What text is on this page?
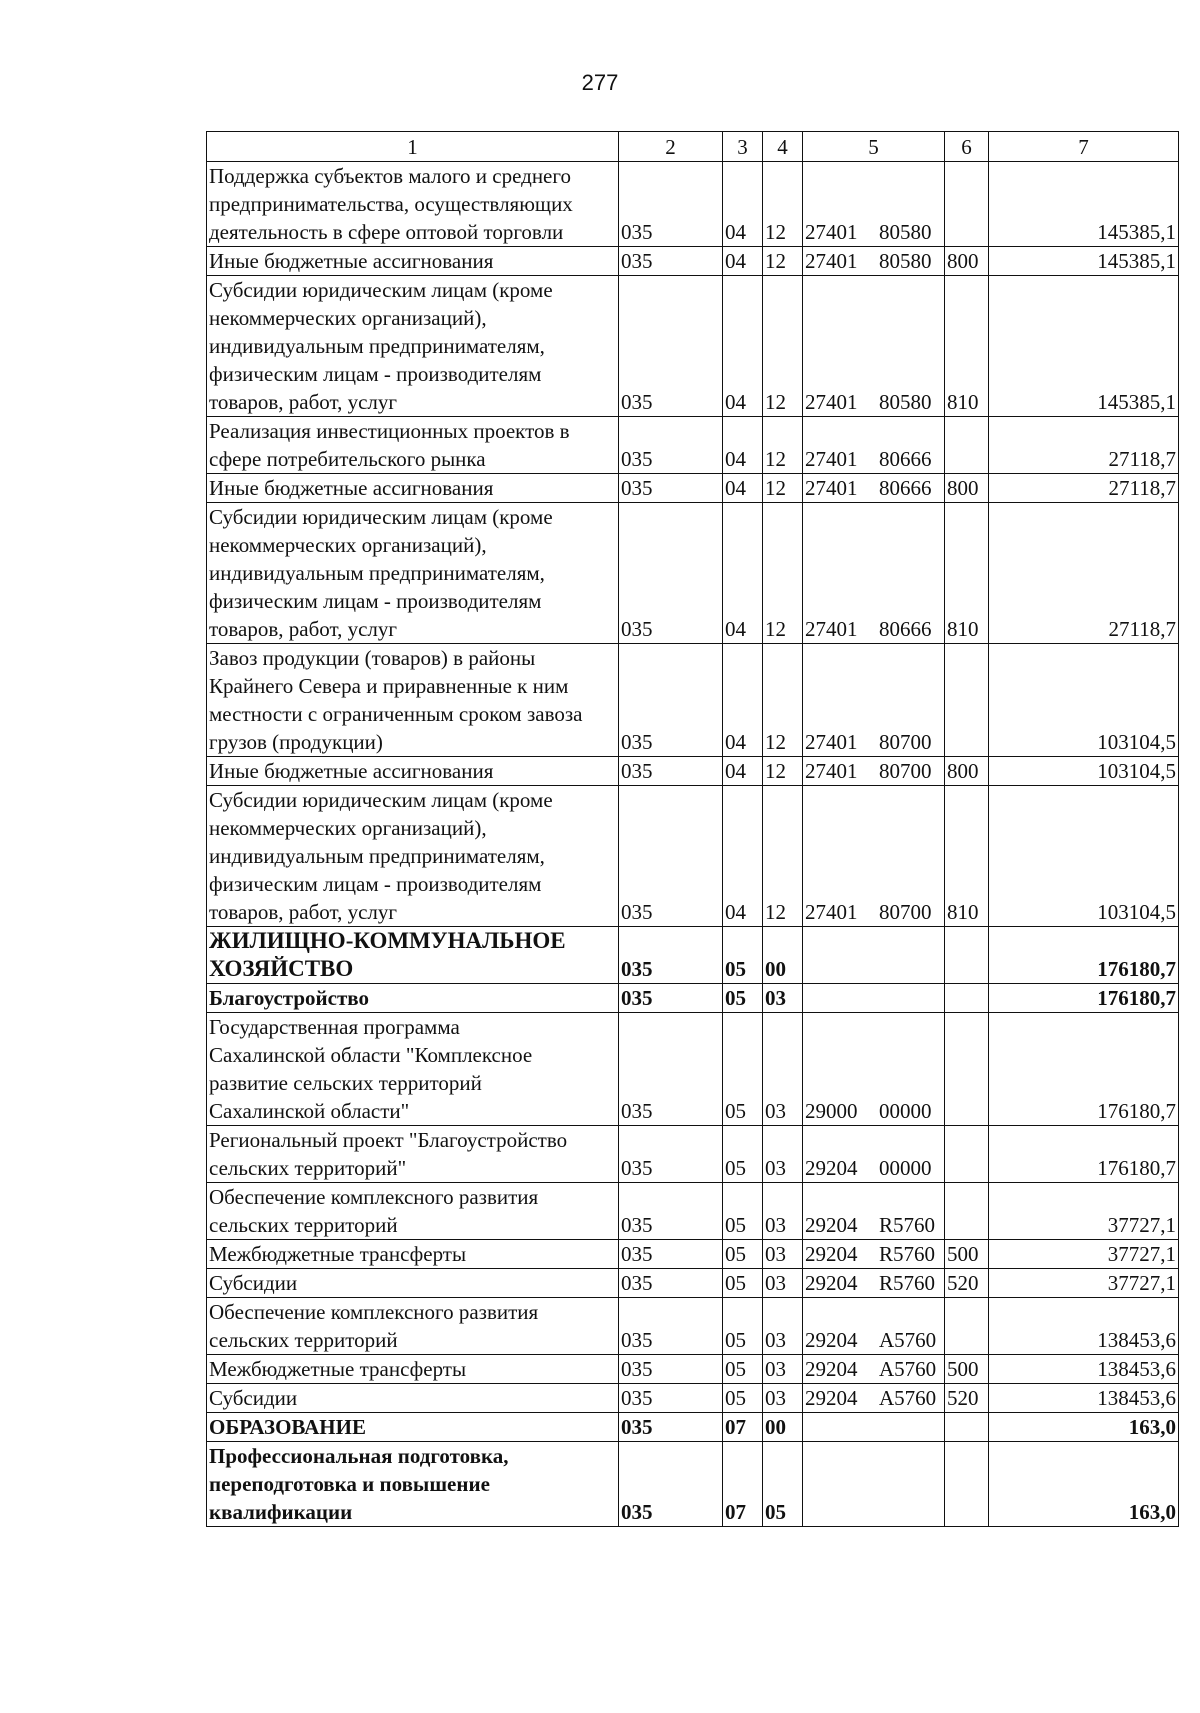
277
1	2	3	4	5	6	7
Поддержка субъектов малого и среднего
предпринимательства, осуществляющих
деятельность в сфере оптовой торговли	035	04	12	27401 80580		145385,1
Иные бюджетные ассигнования	035	04	12	27401 80580	800	145385,1
Субсидии юридическим лицам (кроме
некоммерческих организаций),
индивидуальным предпринимателям,
физическим лицам - производителям
товаров, работ, услуг	035	04	12	27401 80580	810	145385,1
Реализация инвестиционных проектов в
сфере потребительского рынка	035	04	12	27401 80666		27118,7
Иные бюджетные ассигнования	035	04	12	27401 80666	800	27118,7
Субсидии юридическим лицам (кроме
некоммерческих организаций),
индивидуальным предпринимателям,
физическим лицам - производителям
товаров, работ, услуг	035	04	12	27401 80666	810	27118,7
Завоз продукции (товаров) в районы
Крайнего Севера и приравненные к ним
местности с ограниченным сроком завоза
грузов (продукции)	035	04	12	27401 80700		103104,5
Иные бюджетные ассигнования	035	04	12	27401 80700	800	103104,5
Субсидии юридическим лицам (кроме
некоммерческих организаций),
индивидуальным предпринимателям,
физическим лицам - производителям
товаров, работ, услуг	035	04	12	27401 80700	810	103104,5
ЖИЛИЩНО-КОММУНАЛЬНОЕ
ХОЗЯЙСТВО	035	05	00			176180,7
Благоустройство	035	05	03			176180,7
Государственная программа
Сахалинской области "Комплексное
развитие сельских территорий
Сахалинской области"	035	05	03	29000 00000		176180,7
Региональный проект "Благоустройство
сельских территорий"	035	05	03	29204 00000		176180,7
Обеспечение комплексного развития
сельских территорий	035	05	03	29204 R5760		37727,1
Межбюджетные трансферты	035	05	03	29204 R5760	500	37727,1
Субсидии	035	05	03	29204 R5760	520	37727,1
Обеспечение комплексного развития
сельских территорий	035	05	03	29204 A5760		138453,6
Межбюджетные трансферты	035	05	03	29204 A5760	500	138453,6
Субсидии	035	05	03	29204 A5760	520	138453,6
ОБРАЗОВАНИЕ	035	07	00			163,0
Профессиональная подготовка,
переподготовка и повышение
квалификации	035	07	05			163,0
